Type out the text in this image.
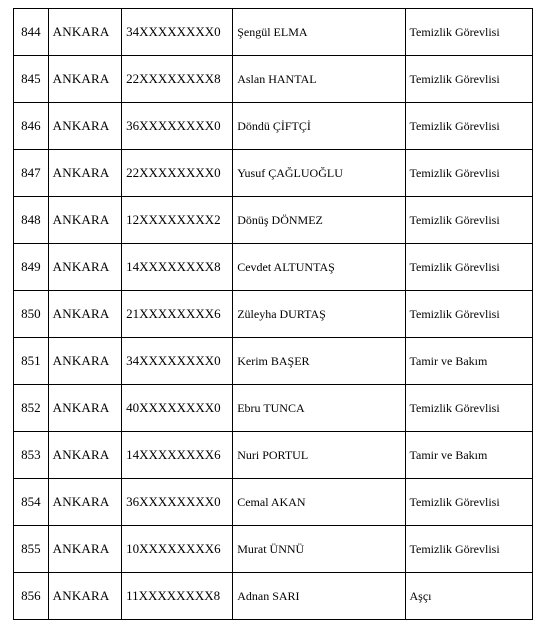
844	ANKARA	34XXXXXXXX0	Şengül ELMA	Temizlik Görevlisi
845	ANKARA	22XXXXXXXX8	Aslan HANTAL	Temizlik Görevlisi
846	ANKARA	36XXXXXXXX0	Döndü ÇİFTÇİ	Temizlik Görevlisi
847	ANKARA	22XXXXXXXX0	Yusuf ÇAĞLUOĞLU	Temizlik Görevlisi
848	ANKARA	12XXXXXXXX2	Dönüş DÖNMEZ	Temizlik Görevlisi
849	ANKARA	14XXXXXXXX8	Cevdet ALTUNTAŞ	Temizlik Görevlisi
850	ANKARA	21XXXXXXXX6	Züleyha DURTAŞ	Temizlik Görevlisi
851	ANKARA	34XXXXXXXX0	Kerim BAŞER	Tamir ve Bakım
852	ANKARA	40XXXXXXXX0	Ebru TUNCA	Temizlik Görevlisi
853	ANKARA	14XXXXXXXX6	Nuri PORTUL	Tamir ve Bakım
854	ANKARA	36XXXXXXXX0	Cemal AKAN	Temizlik Görevlisi
855	ANKARA	10XXXXXXXX6	Murat ÜNNÜ	Temizlik Görevlisi
856	ANKARA	11XXXXXXXX8	Adnan SARI	Aşçı
